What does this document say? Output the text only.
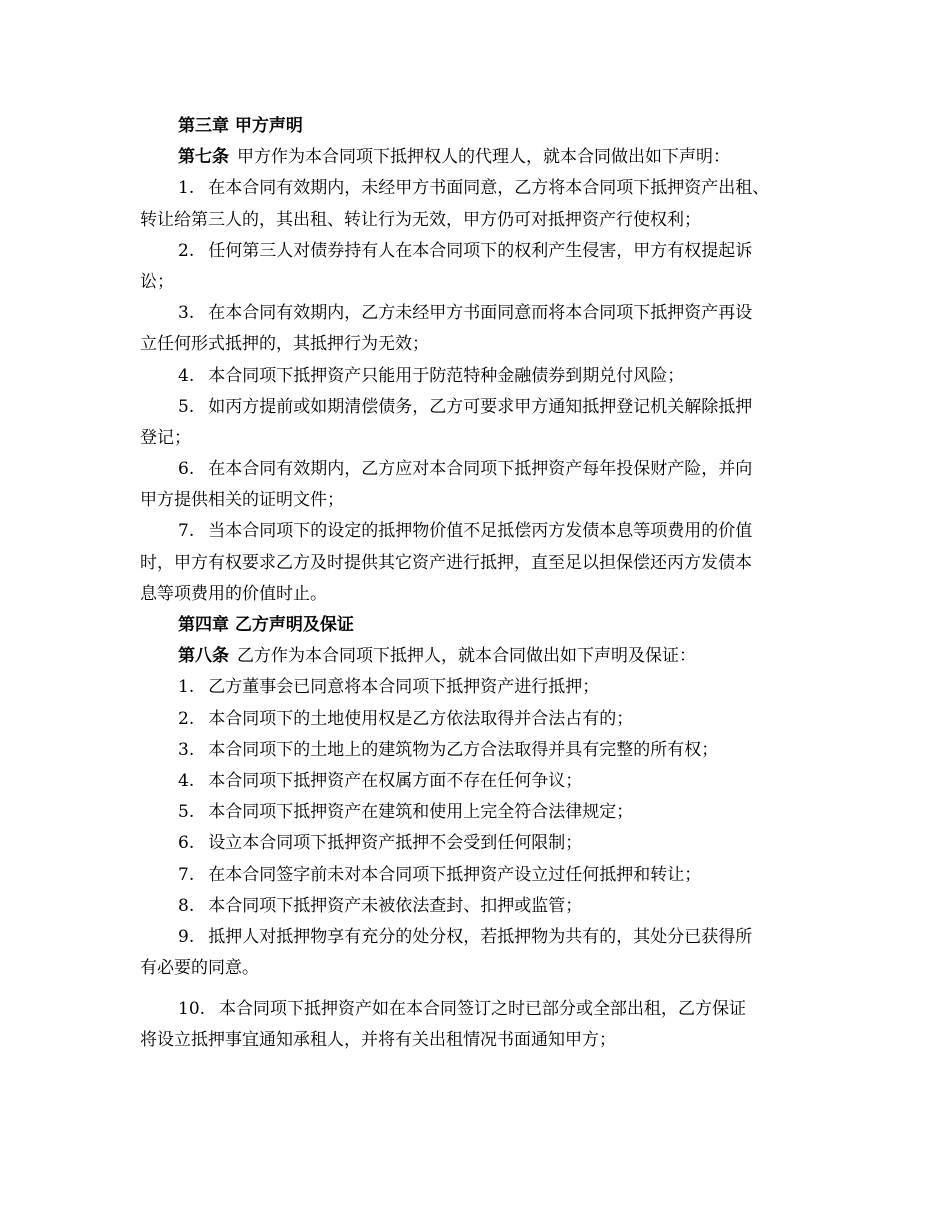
第三章 甲方声明
第七条 甲方作为本合同项下抵押权人的代理人，就本合同做出如下声明：
1. 在本合同有效期内，未经甲方书面同意，乙方将本合同项下抵押资产出租、
转让给第三人的，其出租、转让行为无效，甲方仍可对抵押资产行使权利；
2. 任何第三人对债券持有人在本合同项下的权利产生侵害，甲方有权提起诉
讼；
3. 在本合同有效期内，乙方未经甲方书面同意而将本合同项下抵押资产再设
立任何形式抵押的，其抵押行为无效；
4. 本合同项下抵押资产只能用于防范特种金融债券到期兑付风险；
5. 如丙方提前或如期清偿债务，乙方可要求甲方通知抵押登记机关解除抵押
登记；
6. 在本合同有效期内，乙方应对本合同项下抵押资产每年投保财产险，并向
甲方提供相关的证明文件；
7. 当本合同项下的设定的抵押物价值不足抵偿丙方发债本息等项费用的价值
时，甲方有权要求乙方及时提供其它资产进行抵押，直至足以担保偿还丙方发债本
息等项费用的价值时止。
第四章 乙方声明及保证
第八条 乙方作为本合同项下抵押人，就本合同做出如下声明及保证：
1. 乙方董事会已同意将本合同项下抵押资产进行抵押；
2. 本合同项下的土地使用权是乙方依法取得并合法占有的；
3. 本合同项下的土地上的建筑物为乙方合法取得并具有完整的所有权；
4. 本合同项下抵押资产在权属方面不存在任何争议；
5. 本合同项下抵押资产在建筑和使用上完全符合法律规定；
6. 设立本合同项下抵押资产抵押不会受到任何限制；
7. 在本合同签字前未对本合同项下抵押资产设立过任何抵押和转让；
8. 本合同项下抵押资产未被依法查封、扣押或监管；
9. 抵押人对抵押物享有充分的处分权，若抵押物为共有的，其处分已获得所
有必要的同意。
10. 本合同项下抵押资产如在本合同签订之时已部分或全部出租，乙方保证
将设立抵押事宜通知承租人，并将有关出租情况书面通知甲方；
